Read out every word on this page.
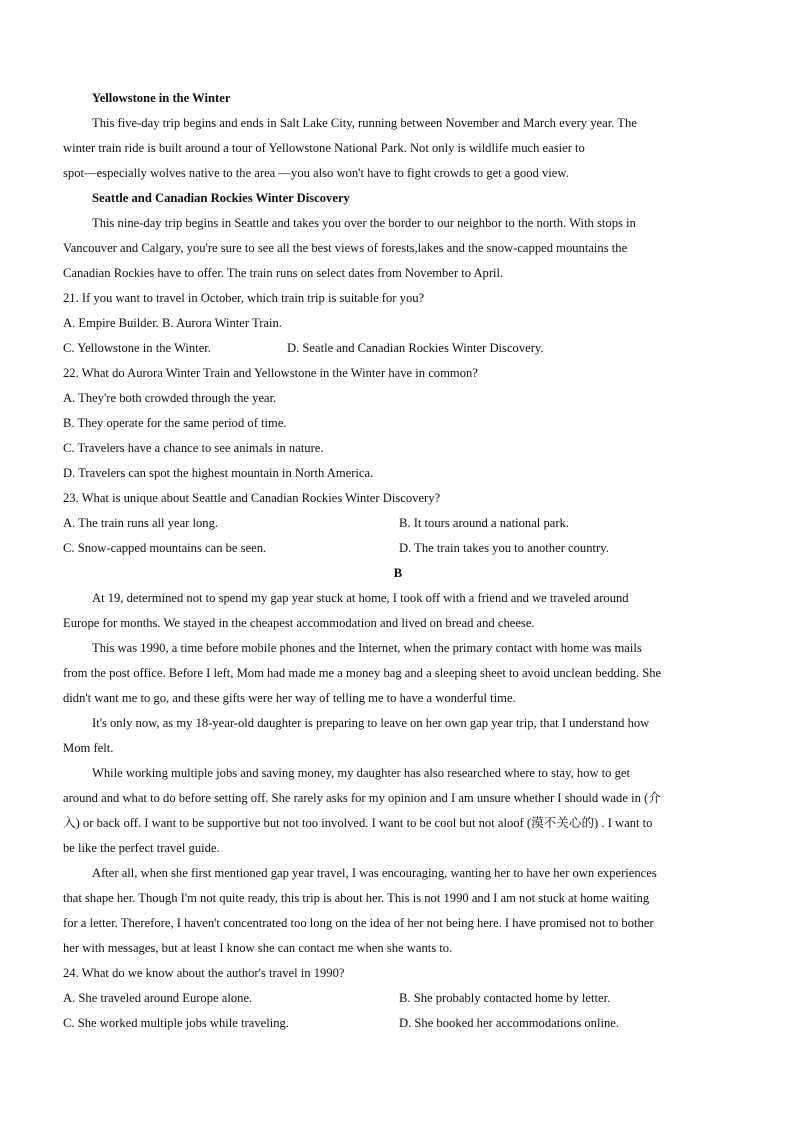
Yellowstone in the Winter
This five-day trip begins and ends in Salt Lake City, running between November and March every year. The
winter train ride is built around a tour of Yellowstone National Park. Not only is wildlife much easier to
spot—especially wolves native to the area —you also won't have to fight crowds to get a good view.
Seattle and Canadian Rockies Winter Discovery
This nine-day trip begins in Seattle and takes you over the border to our neighbor to the north. With stops in
Vancouver and Calgary, you're sure to see all the best views of forests,lakes and the snow-capped mountains the
Canadian Rockies have to offer. The train runs on select dates from November to April.
21. If you want to travel in October, which train trip is suitable for you?
A. Empire Builder. B. Aurora Winter Train.
C. Yellowstone in the Winter.	D. Seatle and Canadian Rockies Winter Discovery.
22. What do Aurora Winter Train and Yellowstone in the Winter have in common?
A. They're both crowded through the year.
B. They operate for the same period of time.
C. Travelers have a chance to see animals in nature.
D. Travelers can spot the highest mountain in North America.
23. What is unique about Seattle and Canadian Rockies Winter Discovery?
A. The train runs all year long.	B. It tours around a national park.
C. Snow-capped mountains can be seen.	D. The train takes you to another country.
B
At 19, determined not to spend my gap year stuck at home, I took off with a friend and we traveled around
Europe for months. We stayed in the cheapest accommodation and lived on bread and cheese.
This was 1990, a time before mobile phones and the Internet, when the primary contact with home was mails
from the post office. Before I left, Mom had made me a money bag and a sleeping sheet to avoid unclean bedding. She
didn't want me to go, and these gifts were her way of telling me to have a wonderful time.
It's only now, as my 18-year-old daughter is preparing to leave on her own gap year trip, that I understand how
Mom felt.
While working multiple jobs and saving money, my daughter has also researched where to stay, how to get
around and what to do before setting off. She rarely asks for my opinion and I am unsure whether I should wade in (介
入) or back off. I want to be supportive but not too involved. I want to be cool but not aloof (漠不关心的) . I want to
be like the perfect travel guide.
After all, when she first mentioned gap year travel, I was encouraging, wanting her to have her own experiences
that shape her. Though I'm not quite ready, this trip is about her. This is not 1990 and I am not stuck at home waiting
for a letter. Therefore, I haven't concentrated too long on the idea of her not being here. I have promised not to bother
her with messages, but at least I know she can contact me when she wants to.
24. What do we know about the author's travel in 1990?
A. She traveled around Europe alone.	B. She probably contacted home by letter.
C. She worked multiple jobs while traveling.	D. She booked her accommodations online.
